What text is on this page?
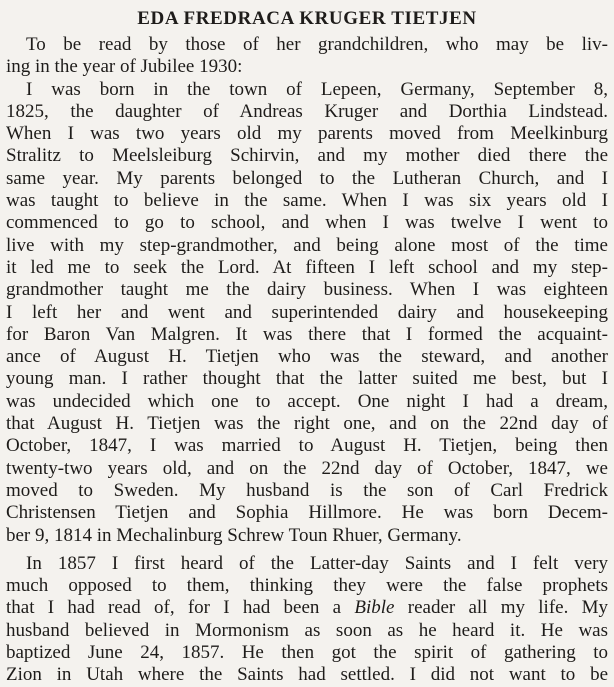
EDA FREDRACA KRUGER TIETJEN
To be read by those of her grandchildren, who may be liv-
ing in the year of Jubilee 1930:
I was born in the town of Lepeen, Germany, September 8,
1825, the daughter of Andreas Kruger and Dorthia Lindstead.
When I was two years old my parents moved from Meelkinburg
Stralitz to Meelsleiburg Schirvin, and my mother died there the
same year. My parents belonged to the Lutheran Church, and I
was taught to believe in the same. When I was six years old I
commenced to go to school, and when I was twelve I went to
live with my step-grandmother, and being alone most of the time
it led me to seek the Lord. At fifteen I left school and my step-
grandmother taught me the dairy business. When I was eighteen
I left her and went and superintended dairy and housekeeping
for Baron Van Malgren. It was there that I formed the acquaint-
ance of August H. Tietjen who was the steward, and another
young man. I rather thought that the latter suited me best, but I
was undecided which one to accept. One night I had a dream,
that August H. Tietjen was the right one, and on the 22nd day of
October, 1847, I was married to August H. Tietjen, being then
twenty-two years old, and on the 22nd day of October, 1847, we
moved to Sweden. My husband is the son of Carl Fredrick
Christensen Tietjen and Sophia Hillmore. He was born Decem-
ber 9, 1814 in Mechalinburg Schrew Toun Rhuer, Germany.
In 1857 I first heard of the Latter-day Saints and I felt very
much opposed to them, thinking they were the false prophets
that I had read of, for I had been a Bible reader all my life. My
husband believed in Mormonism as soon as he heard it. He was
baptized June 24, 1857. He then got the spirit of gathering to
Zion in Utah where the Saints had settled. I did not want to be
